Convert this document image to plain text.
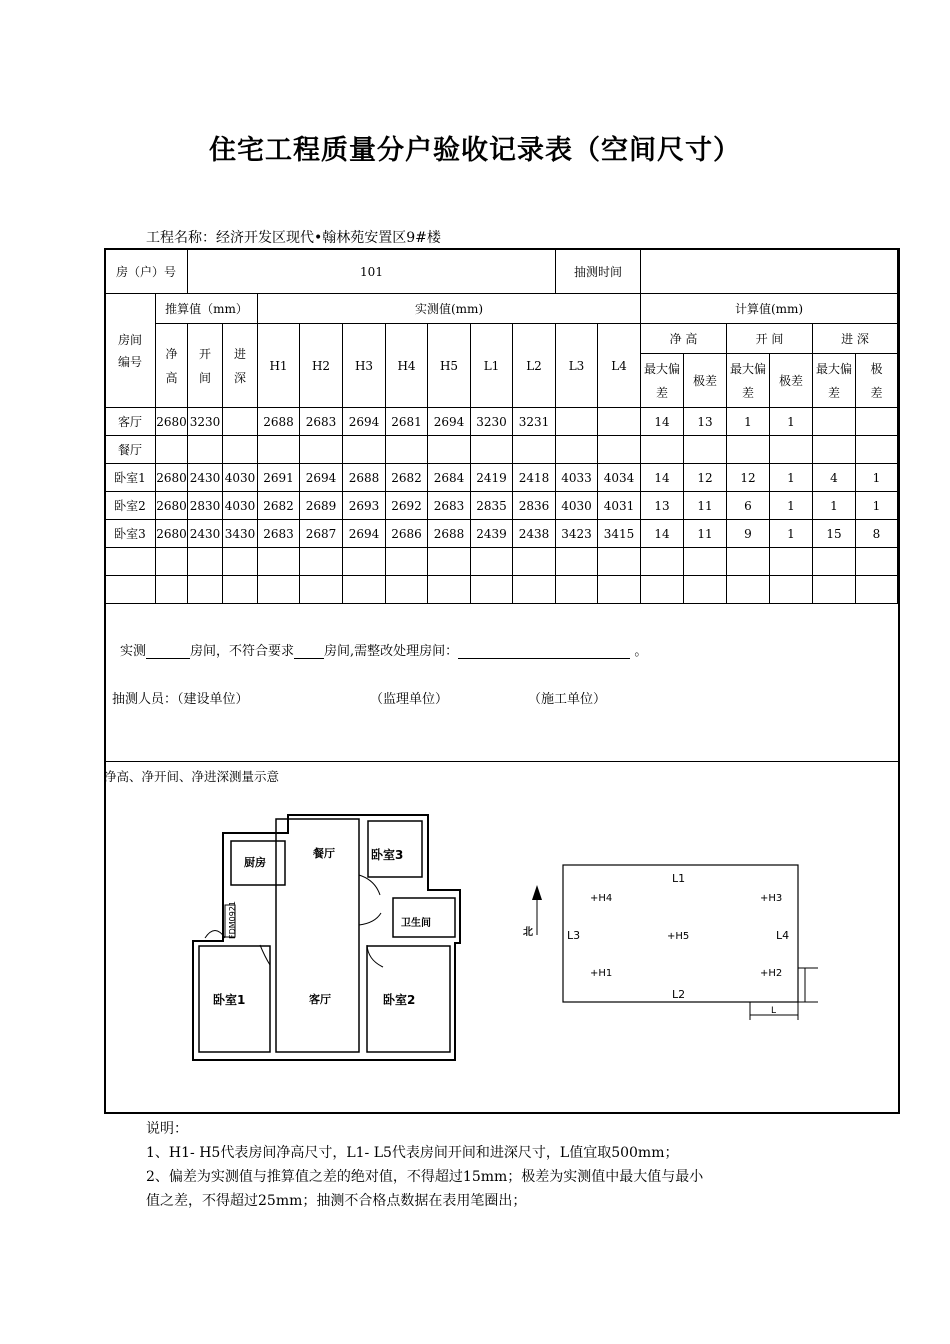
住宅工程质量分户验收记录表（空间尺寸）
工程名称：经济开发区现代•翰林苑安置区9#楼
房（户）号		101									抽测时间							

房间编号	推算值（mm）			实测值(mm)									计算值(mm)					

	净高	开间	进深	H1	H2	H3	H4	H5	L1	L2	L3	L4	净 高		开 间		进 深	

													最大偏差	极差	最大偏差	极差	最大偏差	极差

客厅	2680	3230		2688	2683	2694	2681	2694	3230	3231			14	13	1	1		
餐厅																		
卧室1	2680	2430	4030	2691	2694	2688	2682	2684	2419	2418	4033	4034	14	12	12	1	4	1
卧室2	2680	2830	4030	2682	2689	2693	2692	2683	2835	2836	4030	4031	13	11	6	1	1	1
卧室3	2680	2430	3430	2683	2687	2694	2686	2688	2439	2438	3423	3415	14	11	9	1	15	8

实测	房间，不符合要求 房间,需整改处理房间：	。
抽测人员：（建设单位）	（监理单位）	（施工单位）
净高、净开间、净进深测量示意
厨房
餐厅	卧室3
卫生间
卧室1	客厅	卧室2
FDM0921	北
L1
L2
L3	L4
+H1	+H2
+H3
+H4
+H5
L
说明：
1、H1- H5代表房间净高尺寸，L1- L5代表房间开间和进深尺寸，L值宜取500mm；
2、偏差为实测值与推算值之差的绝对值，不得超过15mm；极差为实测值中最大值与最小
值之差，不得超过25mm；抽测不合格点数据在表用笔圈出；
